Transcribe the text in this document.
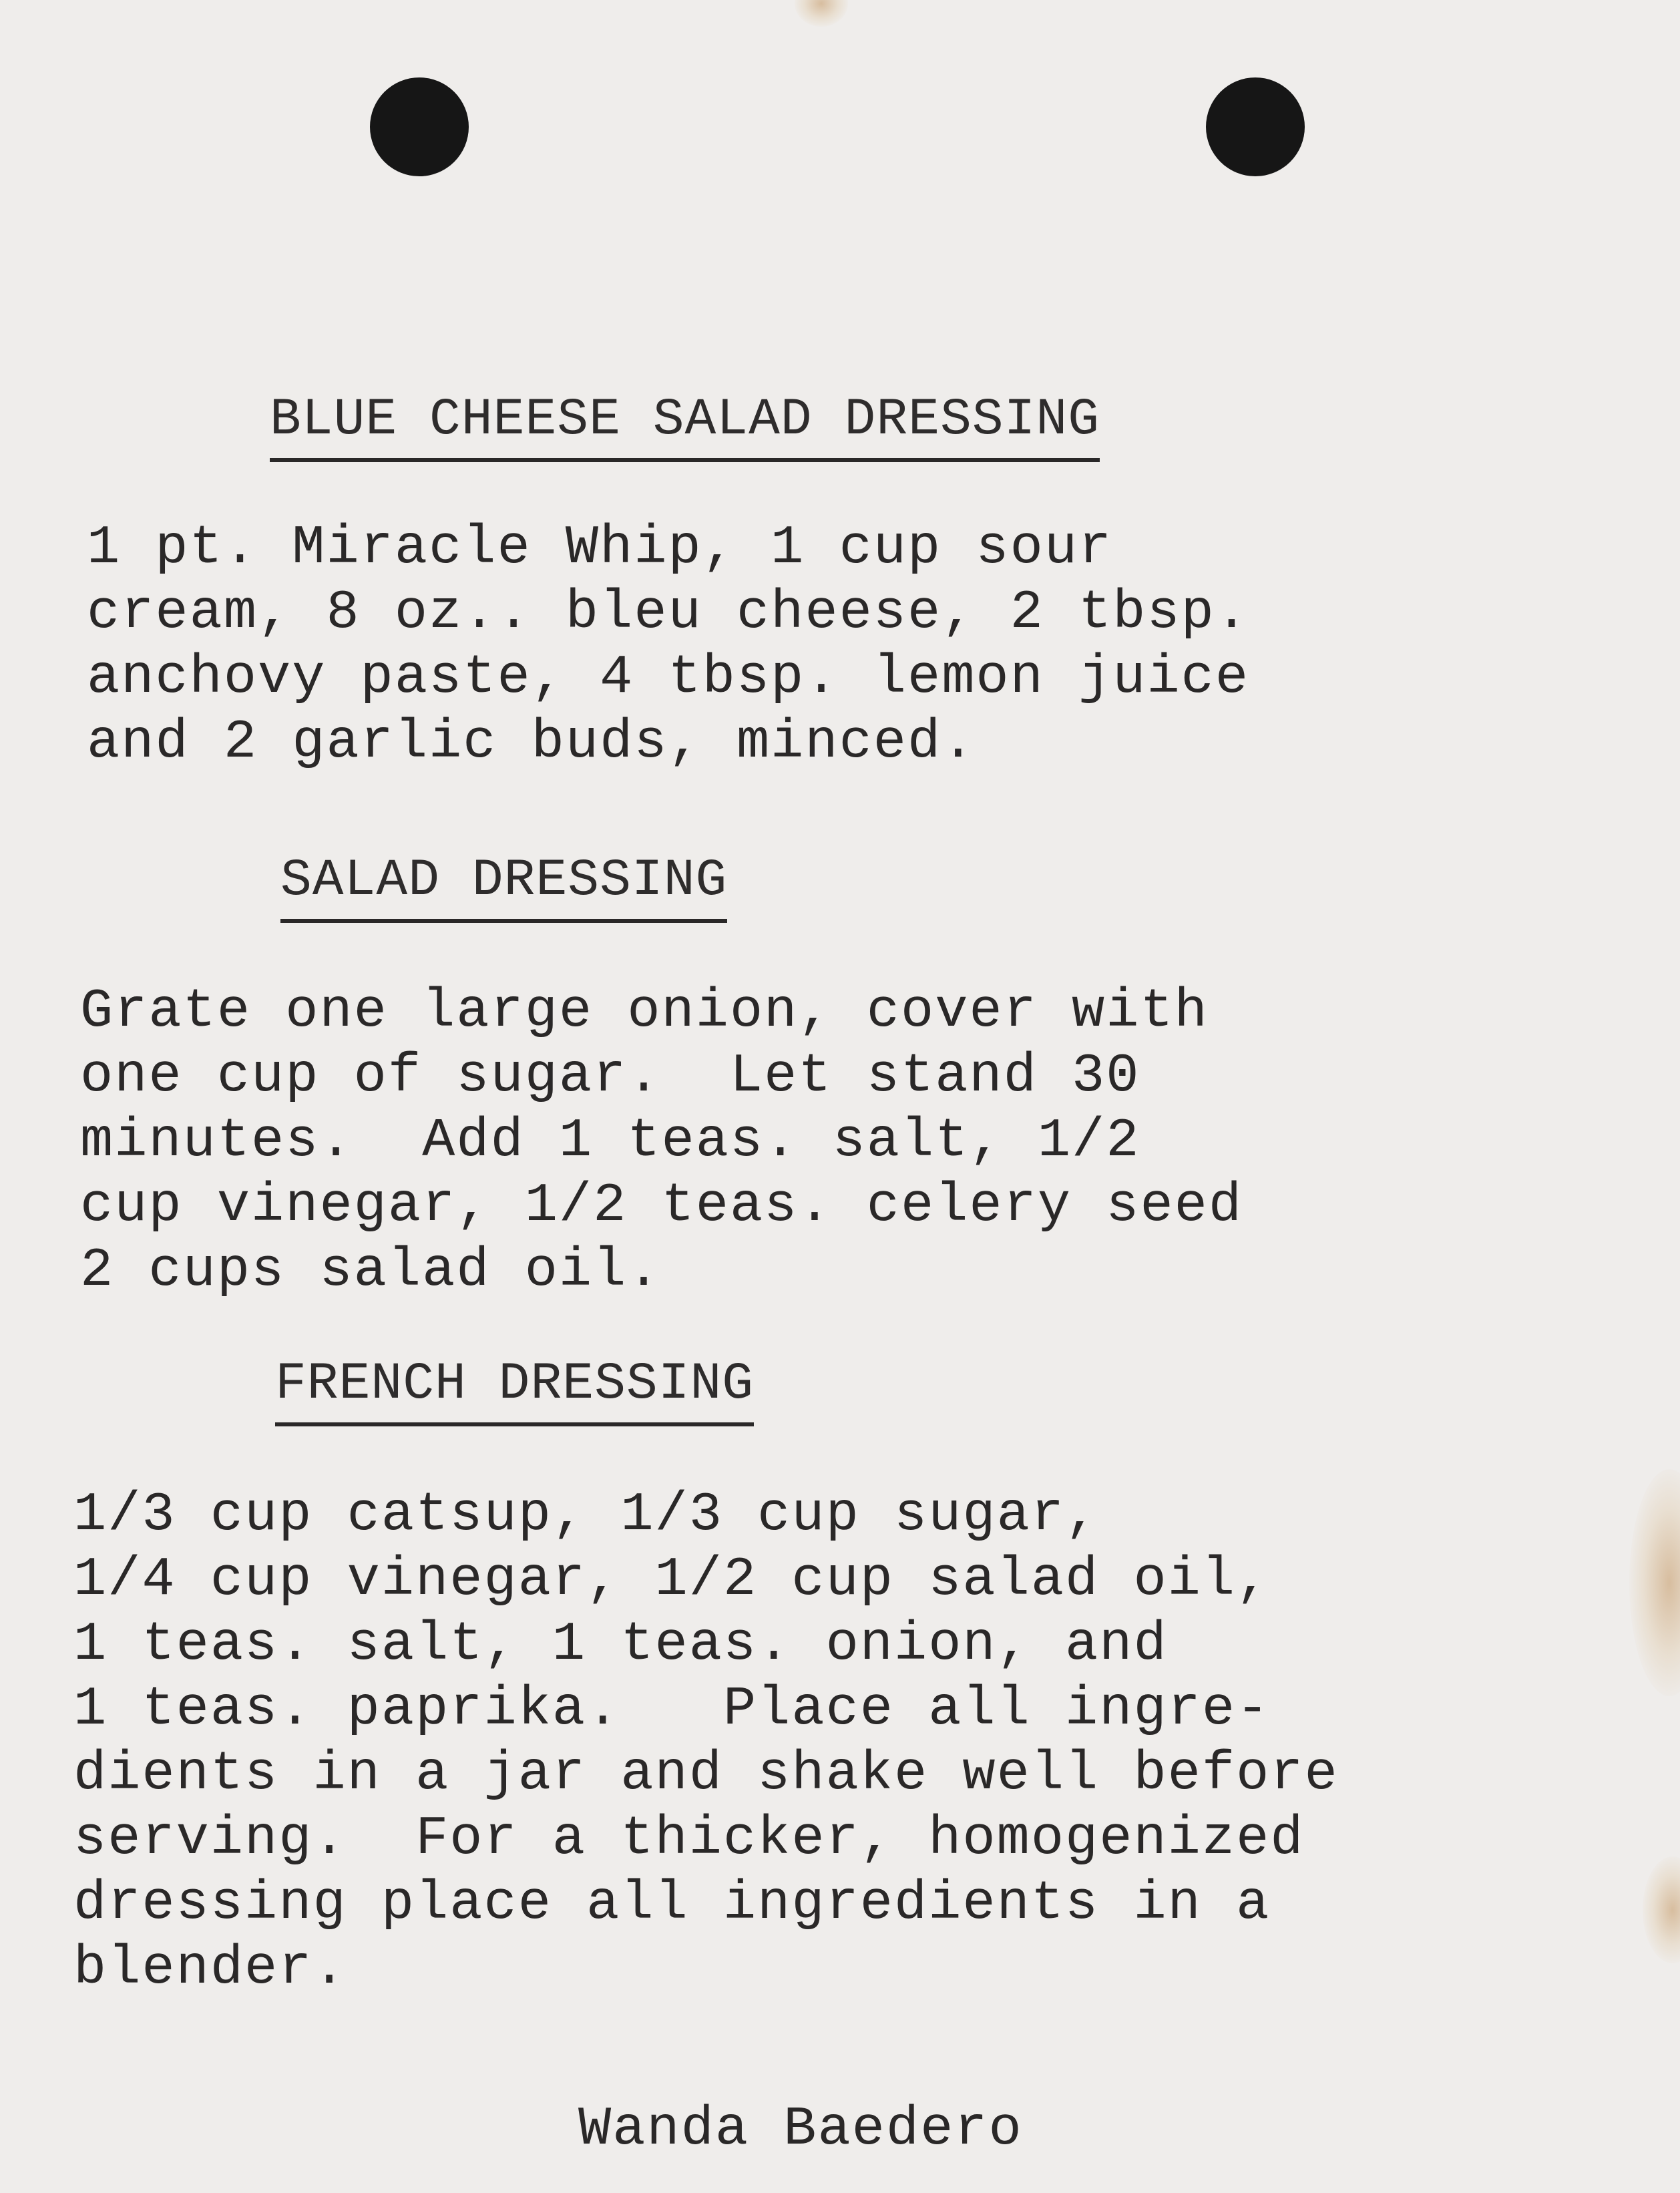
BLUE CHEESE SALAD DRESSING
1 pt. Miracle Whip, 1 cup sour
cream, 8 oz.. bleu cheese, 2 tbsp.
anchovy paste, 4 tbsp. lemon juice
and 2 garlic buds, minced.
SALAD DRESSING
Grate one large onion, cover with
one cup of sugar.  Let stand 30
minutes.  Add 1 teas. salt, 1/2
cup vinegar, 1/2 teas. celery seed
2 cups salad oil.
FRENCH DRESSING
1/3 cup catsup, 1/3 cup sugar,
1/4 cup vinegar, 1/2 cup salad oil,
1 teas. salt, 1 teas. onion, and
1 teas. paprika.   Place all ingre-
dients in a jar and shake well before
serving.  For a thicker, homogenized
dressing place all ingredients in a
blender.
Wanda Baedero
